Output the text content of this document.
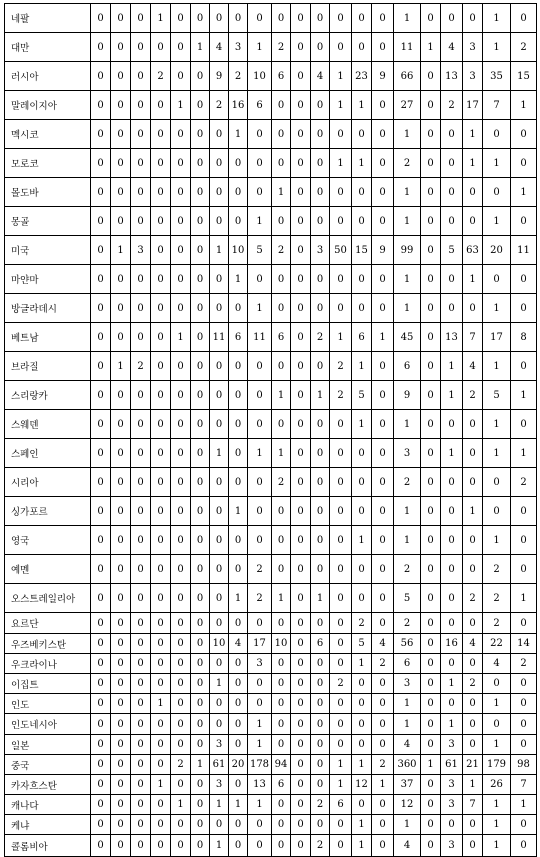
네팔	0	0	0	1	0	0	0	0	0	0	0	0	0	0	0	1	0	0	0	1	0
대만	0	0	0	0	0	1	4	3	1	2	0	0	0	0	0	11	1	4	3	1	2
러시아	0	0	0	2	0	0	9	2	10	6	0	4	1	23	9	66	0	13	3	35	15
말레이지아	0	0	0	0	1	0	2	16	6	0	0	0	1	1	0	27	0	2	17	7	1
멕시코	0	0	0	0	0	0	0	1	0	0	0	0	0	0	0	1	0	0	1	0	0
모로코	0	0	0	0	0	0	0	0	0	0	0	0	1	1	0	2	0	0	1	1	0
몰도바	0	0	0	0	0	0	0	0	0	1	0	0	0	0	0	1	0	0	0	0	1
몽골	0	0	0	0	0	0	0	0	1	0	0	0	0	0	0	1	0	0	0	1	0
미국	0	1	3	0	0	0	1	10	5	2	0	3	50	15	9	99	0	5	63	20	11
마얀마	0	0	0	0	0	0	0	1	0	0	0	0	0	0	0	1	0	0	1	0	0
방글라데시	0	0	0	0	0	0	0	0	1	0	0	0	0	0	0	1	0	0	0	1	0
베트남	0	0	0	0	1	0	11	6	11	6	0	2	1	6	1	45	0	13	7	17	8
브라질	0	1	2	0	0	0	0	0	0	0	0	0	2	1	0	6	0	1	4	1	0
스리랑카	0	0	0	0	0	0	0	0	0	1	0	1	2	5	0	9	0	1	2	5	1
스웨덴	0	0	0	0	0	0	0	0	0	0	0	0	0	1	0	1	0	0	0	1	0
스페인	0	0	0	0	0	0	1	0	1	1	0	0	0	0	0	3	0	1	0	1	1
시리아	0	0	0	0	0	0	0	0	0	2	0	0	0	0	0	2	0	0	0	0	2
싱가포르	0	0	0	0	0	0	0	1	0	0	0	0	0	0	0	1	0	0	1	0	0
영국	0	0	0	0	0	0	0	0	0	0	0	0	0	1	0	1	0	0	0	1	0
예멘	0	0	0	0	0	0	0	0	2	0	0	0	0	0	0	2	0	0	0	2	0
오스트레일리아	0	0	0	0	0	0	0	1	2	1	0	1	0	0	0	5	0	0	2	2	1
요르단	0	0	0	0	0	0	0	0	0	0	0	0	0	2	0	2	0	0	0	2	0
우즈베키스탄	0	0	0	0	0	0	10	4	17	10	0	6	0	5	4	56	0	16	4	22	14
우크라이나	0	0	0	0	0	0	0	0	3	0	0	0	0	1	2	6	0	0	0	4	2
이집트	0	0	0	0	0	0	1	0	0	0	0	0	2	0	0	3	0	1	2	0	0
인도	0	0	0	1	0	0	0	0	0	0	0	0	0	0	0	1	0	0	0	1	0
인도네시아	0	0	0	0	0	0	0	0	1	0	0	0	0	0	0	1	0	1	0	0	0
일본	0	0	0	0	0	0	3	0	1	0	0	0	0	0	0	4	0	3	0	1	0
중국	0	0	0	0	2	1	61	20	178	94	0	0	1	1	2	360	1	61	21	179	98
카자흐스탄	0	0	0	1	0	0	3	0	13	6	0	0	1	12	1	37	0	3	1	26	7
캐나다	0	0	0	0	1	0	1	1	1	0	0	2	6	0	0	12	0	3	7	1	1
케냐	0	0	0	0	0	0	0	0	0	0	0	0	0	1	0	1	0	0	0	1	0
콜롬비아	0	0	0	0	0	0	1	0	0	0	0	2	0	1	0	4	0	3	0	1	0
